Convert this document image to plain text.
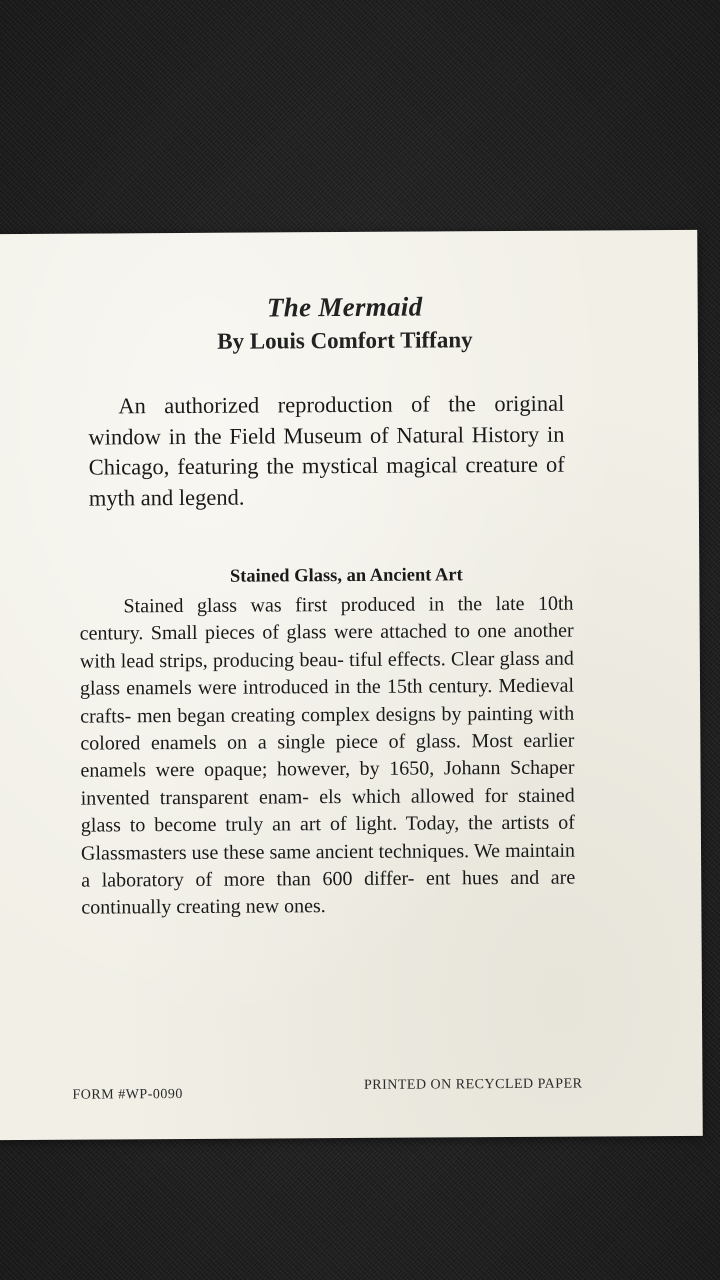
The Mermaid
By Louis Comfort Tiffany
An authorized reproduction of the original window in the Field Museum of Natural History in Chicago, featuring the mystical magical creature of myth and legend.
Stained Glass, an Ancient Art
Stained glass was first produced in the late 10th century. Small pieces of glass were attached to one another with lead strips, producing beau- tiful effects. Clear glass and glass enamels were introduced in the 15th century. Medieval crafts- men began creating complex designs by painting with colored enamels on a single piece of glass. Most earlier enamels were opaque; however, by 1650, Johann Schaper invented transparent enam- els which allowed for stained glass to become truly an art of light. Today, the artists of Glassmasters use these same ancient techniques. We maintain a laboratory of more than 600 differ- ent hues and are continually creating new ones.
FORM #WP-0090
PRINTED ON RECYCLED PAPER
